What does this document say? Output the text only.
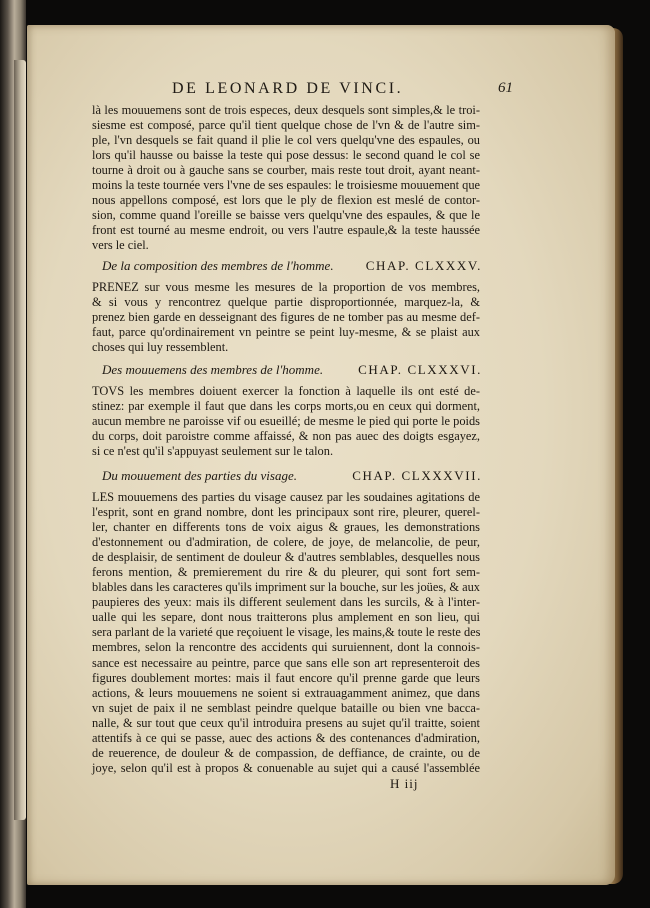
DE LEONARD DE VINCI.	61
là les mouuemens sont de trois especes, deux desquels sont simples,& le troi-
siesme est composé, parce qu'il tient quelque chose de l'vn & de l'autre sim-
ple, l'vn desquels se fait quand il plie le col vers quelqu'vne des espaules, ou
lors qu'il hausse ou baisse la teste qui pose dessus: le second quand le col se
tourne à droit ou à gauche sans se courber, mais reste tout droit, ayant neant-
moins la teste tournée vers l'vne de ses espaules: le troisiesme mouuement que
nous appellons composé, est lors que le ply de flexion est meslé de contor-
sion, comme quand l'oreille se baisse vers quelqu'vne des espaules, & que le
front est tourné au mesme endroit, ou vers l'autre espaule,& la teste haussée
vers le ciel.
De la composition des membres de l'homme. CHAP. CLXXXV.
PRENEZ sur vous mesme les mesures de la proportion de vos membres,
& si vous y rencontrez quelque partie disproportionnée, marquez-la, &
prenez bien garde en desseignant des figures de ne tomber pas au mesme def-
faut, parce qu'ordinairement vn peintre se peint luy-mesme, & se plaist aux
choses qui luy ressemblent.
Des mouuemens des membres de l'homme.	CHAP. CLXXXVI.
TOVS les membres doiuent exercer la fonction à laquelle ils ont esté de-
stinez: par exemple il faut que dans les corps morts,ou en ceux qui dorment,
aucun membre ne paroisse vif ou esueillé; de mesme le pied qui porte le poids
du corps, doit paroistre comme affaissé, & non pas auec des doigts esgayez,
si ce n'est qu'il s'appuyast seulement sur le talon.
Du mouuement des parties du visage.	CHAP. CLXXXVII.
LES mouuemens des parties du visage causez par les soudaines agitations de
l'esprit, sont en grand nombre, dont les principaux sont rire, pleurer, querel-
ler, chanter en differents tons de voix aigus & graues, les demonstrations
d'estonnement ou d'admiration, de colere, de joye, de melancolie, de peur,
de desplaisir, de sentiment de douleur & d'autres semblables, desquelles nous
ferons mention, & premierement du rire & du pleurer, qui sont fort sem-
blables dans les caracteres qu'ils impriment sur la bouche, sur les joües, & aux
paupieres des yeux: mais ils different seulement dans les surcils, & à l'inter-
ualle qui les separe, dont nous traitterons plus amplement en son lieu, qui
sera parlant de la varieté que reçoiuent le visage, les mains,& toute le reste des
membres, selon la rencontre des accidents qui suruiennent, dont la connois-
sance est necessaire au peintre, parce que sans elle son art representeroit des
figures doublement mortes: mais il faut encore qu'il prenne garde que leurs
actions, & leurs mouuemens ne soient si extrauagamment animez, que dans
vn sujet de paix il ne semblast peindre quelque bataille ou bien vne bacca-
nalle, & sur tout que ceux qu'il introduira presens au sujet qu'il traitte, soient
attentifs à ce qui se passe, auec des actions & des contenances d'admiration,
de reuerence, de douleur & de compassion, de deffiance, de crainte, ou de
joye, selon qu'il est à propos & conuenable au sujet qui a causé l'assemblée
H iij
